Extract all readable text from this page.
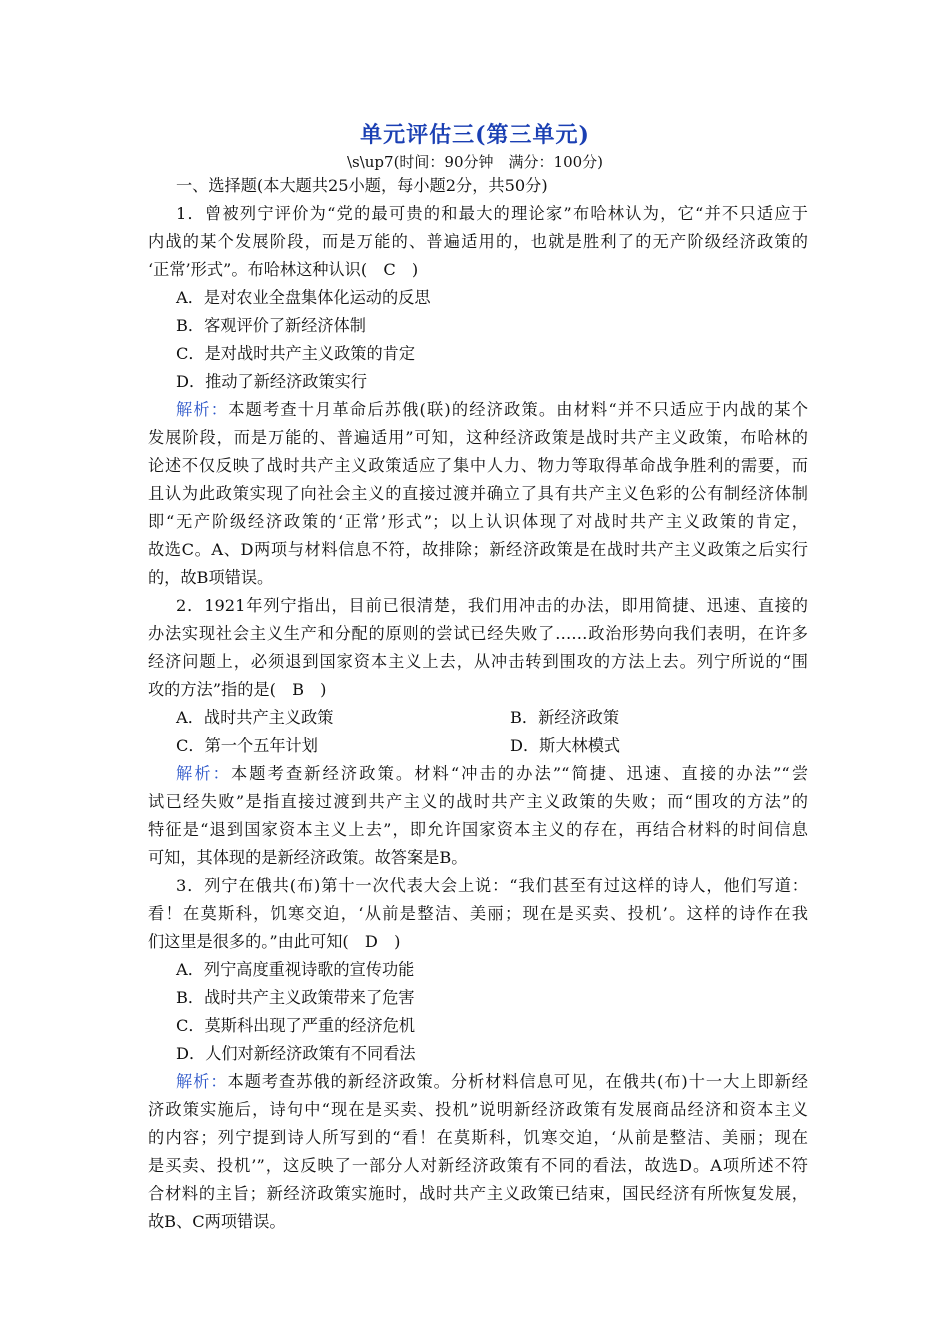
单元评估三(第三单元)
\s\up7(时间：90分钟　满分：100分)
一、选择题(本大题共25小题，每小题2分，共50分)
1．曾被列宁评价为“党的最可贵的和最大的理论家”布哈林认为，它“并不只适应于
内战的某个发展阶段，而是万能的、普遍适用的，也就是胜利了的无产阶级经济政策的
‘正常’形式”。布哈林这种认识(　C　)
A．是对农业全盘集体化运动的反思
B．客观评价了新经济体制
C．是对战时共产主义政策的肯定
D．推动了新经济政策实行
解析：本题考查十月革命后苏俄(联)的经济政策。由材料“并不只适应于内战的某个
发展阶段，而是万能的、普遍适用”可知，这种经济政策是战时共产主义政策，布哈林的
论述不仅反映了战时共产主义政策适应了集中人力、物力等取得革命战争胜利的需要，而
且认为此政策实现了向社会主义的直接过渡并确立了具有共产主义色彩的公有制经济体制
即“无产阶级经济政策的‘正常’形式”；以上认识体现了对战时共产主义政策的肯定，
故选C。A、D两项与材料信息不符，故排除；新经济政策是在战时共产主义政策之后实行
的，故B项错误。
2．1921年列宁指出，目前已很清楚，我们用冲击的办法，即用简捷、迅速、直接的
办法实现社会主义生产和分配的原则的尝试已经失败了……政治形势向我们表明，在许多
经济问题上，必须退到国家资本主义上去，从冲击转到围攻的方法上去。列宁所说的“围
攻的方法”指的是(　B　)
A．战时共产主义政策	B．新经济政策
C．第一个五年计划	D．斯大林模式
解析：本题考查新经济政策。材料“冲击的办法”“简捷、迅速、直接的办法”“尝
试已经失败”是指直接过渡到共产主义的战时共产主义政策的失败；而“围攻的方法”的
特征是“退到国家资本主义上去”，即允许国家资本主义的存在，再结合材料的时间信息
可知，其体现的是新经济政策。故答案是B。
3．列宁在俄共(布)第十一次代表大会上说：“我们甚至有过这样的诗人，他们写道：
看！在莫斯科，饥寒交迫，‘从前是整洁、美丽；现在是买卖、投机’。这样的诗作在我
们这里是很多的。”由此可知(　D　)
A．列宁高度重视诗歌的宣传功能
B．战时共产主义政策带来了危害
C．莫斯科出现了严重的经济危机
D．人们对新经济政策有不同看法
解析：本题考查苏俄的新经济政策。分析材料信息可见，在俄共(布)十一大上即新经
济政策实施后，诗句中“现在是买卖、投机”说明新经济政策有发展商品经济和资本主义
的内容；列宁提到诗人所写到的“看！在莫斯科，饥寒交迫，‘从前是整洁、美丽；现在
是买卖、投机’”，这反映了一部分人对新经济政策有不同的看法，故选D。A项所述不符
合材料的主旨；新经济政策实施时，战时共产主义政策已结束，国民经济有所恢复发展，
故B、C两项错误。
